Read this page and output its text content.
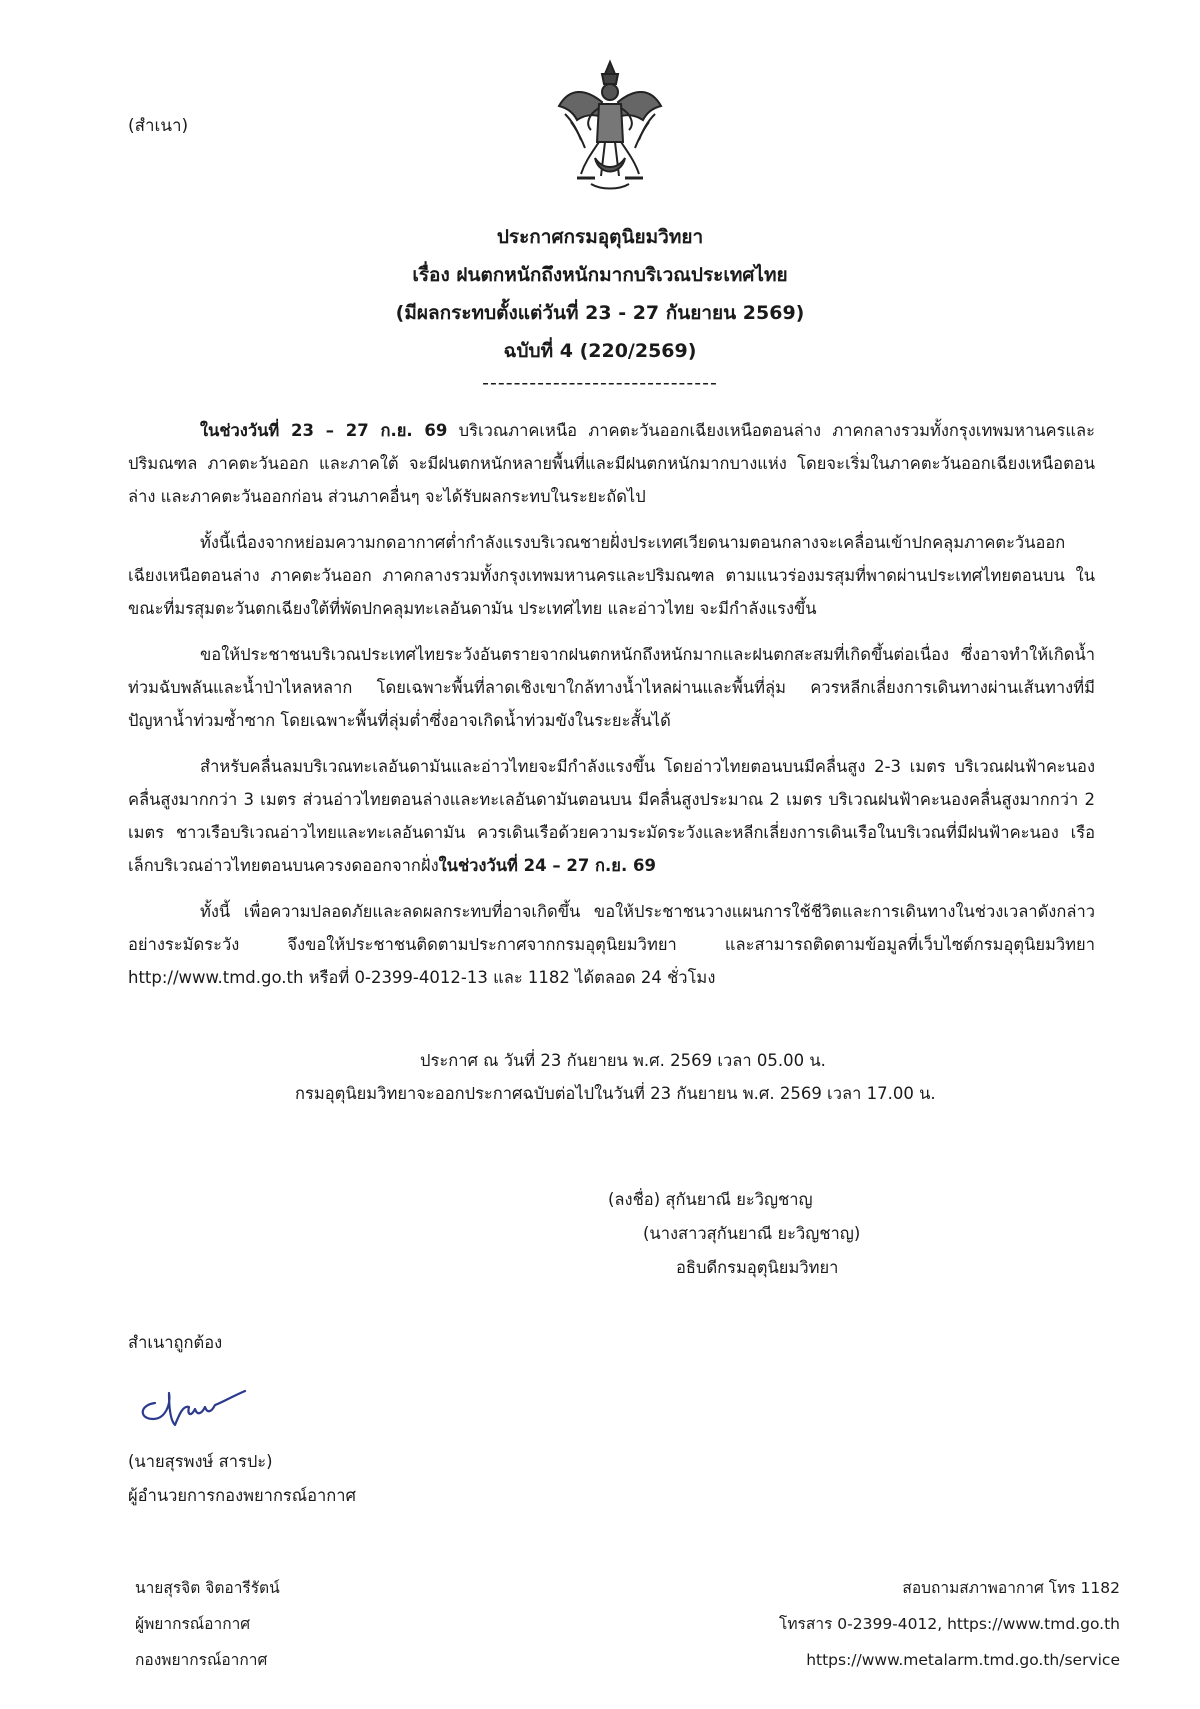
(สำเนา)
ประกาศกรมอุตุนิยมวิทยา
เรื่อง ฝนตกหนักถึงหนักมากบริเวณประเทศไทย
(มีผลกระทบตั้งแต่วันที่ 23 - 27 กันยายน 2569)
ฉบับที่ 4 (220/2569)
------------------------------

ในช่วงวันที่ 23 – 27 ก.ย. 69 บริเวณภาคเหนือ ภาคตะวันออกเฉียงเหนือตอนล่าง ภาคกลางรวมทั้งกรุงเทพมหานครและปริมณฑล ภาคตะวันออก และภาคใต้ จะมีฝนตกหนักหลายพื้นที่และมีฝนตกหนักมากบางแห่ง โดยจะเริ่มในภาคตะวันออกเฉียงเหนือตอนล่าง และภาคตะวันออกก่อน ส่วนภาคอื่นๆ จะได้รับผลกระทบในระยะถัดไป

ทั้งนี้เนื่องจากหย่อมความกดอากาศต่ำกำลังแรงบริเวณชายฝั่งประเทศเวียดนามตอนกลางจะเคลื่อนเข้าปกคลุมภาคตะวันออกเฉียงเหนือตอนล่าง ภาคตะวันออก ภาคกลางรวมทั้งกรุงเทพมหานครและปริมณฑล ตามแนวร่องมรสุมที่พาดผ่านประเทศไทยตอนบน ในขณะที่มรสุมตะวันตกเฉียงใต้ที่พัดปกคลุมทะเลอันดามัน ประเทศไทย และอ่าวไทย จะมีกำลังแรงขึ้น

ขอให้ประชาชนบริเวณประเทศไทยระวังอันตรายจากฝนตกหนักถึงหนักมากและฝนตกสะสมที่เกิดขึ้นต่อเนื่อง ซึ่งอาจทำให้เกิดน้ำท่วมฉับพลันและน้ำป่าไหลหลาก โดยเฉพาะพื้นที่ลาดเชิงเขาใกล้ทางน้ำไหลผ่านและพื้นที่ลุ่ม ควรหลีกเลี่ยงการเดินทางผ่านเส้นทางที่มีปัญหาน้ำท่วมซ้ำซาก โดยเฉพาะพื้นที่ลุ่มต่ำซึ่งอาจเกิดน้ำท่วมขังในระยะสั้นได้

สำหรับคลื่นลมบริเวณทะเลอันดามันและอ่าวไทยจะมีกำลังแรงขึ้น โดยอ่าวไทยตอนบนมีคลื่นสูง 2-3 เมตร บริเวณฝนฟ้าคะนองคลื่นสูงมากกว่า 3 เมตร ส่วนอ่าวไทยตอนล่างและทะเลอันดามันตอนบน มีคลื่นสูงประมาณ 2 เมตร บริเวณฝนฟ้าคะนองคลื่นสูงมากกว่า 2 เมตร ชาวเรือบริเวณอ่าวไทยและทะเลอันดามัน ควรเดินเรือด้วยความระมัดระวังและหลีกเลี่ยงการเดินเรือในบริเวณที่มีฝนฟ้าคะนอง เรือเล็กบริเวณอ่าวไทยตอนบนควรงดออกจากฝั่งในช่วงวันที่ 24 – 27 ก.ย. 69

ทั้งนี้ เพื่อความปลอดภัยและลดผลกระทบที่อาจเกิดขึ้น ขอให้ประชาชนวางแผนการใช้ชีวิตและการเดินทางในช่วงเวลาดังกล่าวอย่างระมัดระวัง จึงขอให้ประชาชนติดตามประกาศจากกรมอุตุนิยมวิทยา และสามารถติดตามข้อมูลที่เว็บไซต์กรมอุตุนิยมวิทยา http://www.tmd.go.th หรือที่ 0-2399-4012-13 และ 1182 ได้ตลอด 24 ชั่วโมง

ประกาศ ณ วันที่ 23 กันยายน พ.ศ. 2569 เวลา 05.00 น.
กรมอุตุนิยมวิทยาจะออกประกาศฉบับต่อไปในวันที่ 23 กันยายน พ.ศ. 2569 เวลา 17.00 น.
(ลงชื่อ) สุกันยาณี ยะวิญชาญ
(นางสาวสุกันยาณี ยะวิญชาญ)
อธิบดีกรมอุตุนิยมวิทยา
สำเนาถูกต้อง
(นายสุรพงษ์ สารปะ)
ผู้อำนวยการกองพยากรณ์อากาศ
นายสุรจิต จิตอารีรัตน์
ผู้พยากรณ์อากาศ
กองพยากรณ์อากาศ
สอบถามสภาพอากาศ โทร 1182
โทรสาร 0-2399-4012, https://www.tmd.go.th
https://www.metalarm.tmd.go.th/service
